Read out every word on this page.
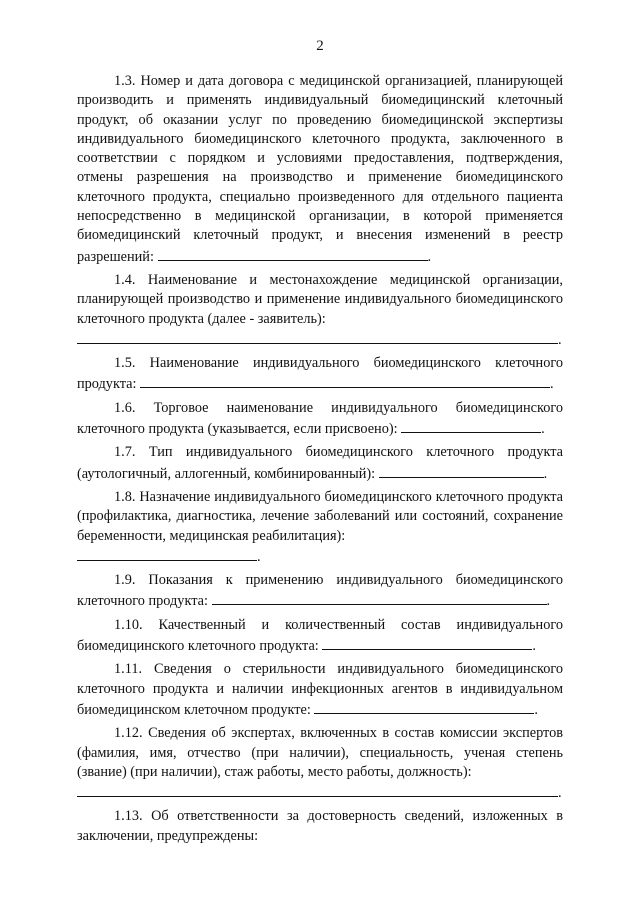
2

1.3. Номер и дата договора с медицинской организацией, планирующей производить и применять индивидуальный биомедицинский клеточный продукт, об оказании услуг по проведению биомедицинской экспертизы индивидуального биомедицинского клеточного продукта, заключенного в соответствии с порядком и условиями предоставления, подтверждения, отмены разрешения на производство и применение биомедицинского клеточного продукта, специально произведенного для отдельного пациента непосредственно в медицинской организации, в которой применяется биомедицинский клеточный продукт, и внесения изменений в реестр разрешений:	.

1.4. Наименование и местонахождение медицинской организации, планирующей производство и применение индивидуального биомедицинского клеточного продукта (далее - заявитель):

.

1.5. Наименование индивидуального биомедицинского клеточного продукта:	.

1.6. Торговое наименование индивидуального биомедицинского клеточного продукта (указывается, если присвоено):	.

1.7. Тип индивидуального биомедицинского клеточного продукта (аутологичный, аллогенный, комбинированный):	.

1.8. Назначение индивидуального биомедицинского клеточного продукта (профилактика, диагностика, лечение заболеваний или состояний, сохранение беременности, медицинская реабилитация):

.

1.9. Показания к применению индивидуального биомедицинского клеточного продукта:	.

1.10. Качественный и количественный состав индивидуального биомедицинского клеточного продукта:	.

1.11. Сведения о стерильности индивидуального биомедицинского клеточного продукта и наличии инфекционных агентов в индивидуальном биомедицинском клеточном продукте:	.

1.12. Сведения об экспертах, включенных в состав комиссии экспертов (фамилия, имя, отчество (при наличии), специальность, ученая степень (звание) (при наличии), стаж работы, место работы, должность):

.

1.13. Об ответственности за достоверность сведений, изложенных в заключении, предупреждены:
